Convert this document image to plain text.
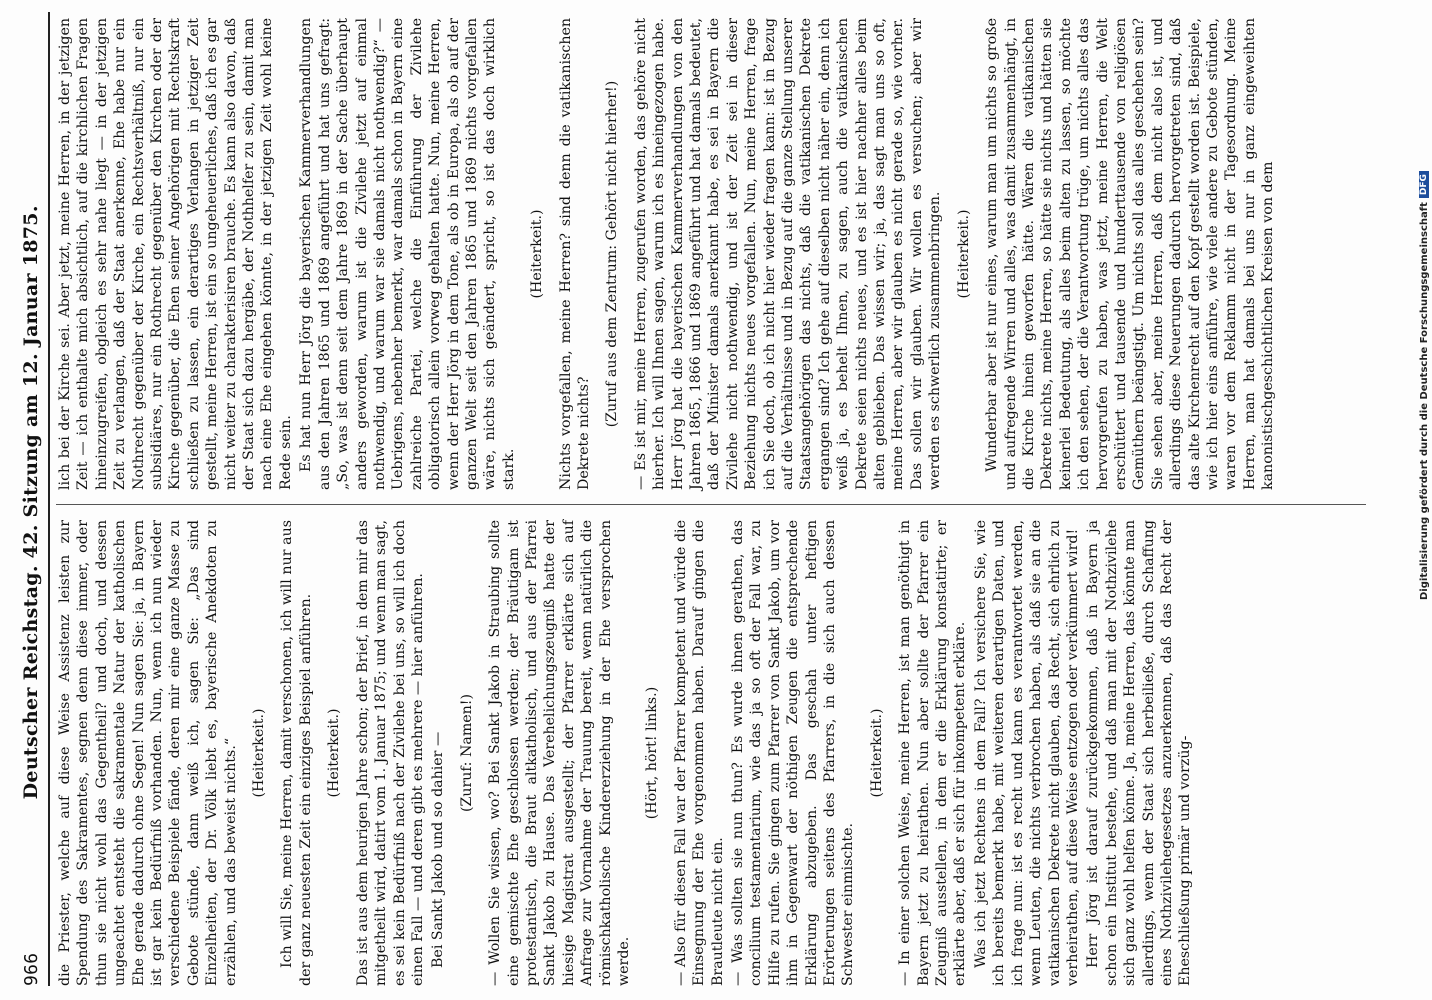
966
Deutscher Reichstag. 42. Sitzung am 12. Januar 1875. die Priester, welche auf diese Weise Assistenz leisten zur Spendung des Sakramentes, segnen denn diese immer, oder thun sie nicht wohl das Gegentheil? und doch, und dessen ungeachtet entsteht die sakramentale Natur der katholischen Ehe gerade dadurch ohne Segen! Nun sagen Sie: ja, in Bayern ist gar kein Bedürfniß vorhanden. Nun, wenn ich nun wieder verschiedene Beispiele fände, deren mir eine ganze Masse zu Gebote stünde, dann weiß ich, sagen Sie: „Das sind Einzelheiten, der Dr. Völk liebt es, bayerische Anekdoten zu erzählen, und das beweist nichts.“ (Heiterkeit.) Ich will Sie, meine Herren, damit verschonen, ich will nur aus der ganz neuesten Zeit ein einziges Beispiel anführen. (Heiterkeit.) Das ist aus dem heurigen Jahre schon; der Brief, in dem mir das mitgetheilt wird, datirt vom 1. Januar 1875; und wenn man sagt, es sei kein Bedürfniß nach der Zivilehe bei uns, so will ich doch einen Fall — und deren gibt es mehrere — hier anführen. Bei Sankt Jakob und so dahier — (Zuruf: Namen!) — Wollen Sie wissen, wo? Bei Sankt Jakob in Straubing sollte eine gemischte Ehe geschlossen werden; der Bräutigam ist protestantisch, die Braut altkatholisch, und aus der Pfarrei Sankt Jakob zu Hause. Das Verehelichungszeugniß hatte der hiesige Magistrat ausgestellt; der Pfarrer erklärte sich auf Anfrage zur Vornahme der Trauung bereit, wenn natürlich die römischkatholische Kindererziehung in der Ehe versprochen werde.

(Hört, hört! links.) — Also für diesen Fall war der Pfarrer kompetent und würde die Einsegnung der Ehe vorgenommen haben. Darauf gingen die Brautleute nicht ein. — Was sollten sie nun thun? Es wurde ihnen gerathen, das concilium testamentarium, wie das ja so oft der Fall war, zu Hilfe zu rufen. Sie gingen zum Pfarrer von Sankt Jakob, um vor ihm in Gegenwart der nöthigen Zeugen die entsprechende Erklärung abzugeben. Das geschah unter heftigen Erörterungen seitens des Pfarrers, in die sich auch dessen Schwester einmischte.

(Heiterkeit.) — In einer solchen Weise, meine Herren, ist man genöthigt in Bayern jetzt zu heirathen. Nun aber sollte der Pfarrer ein Zeugniß ausstellen, in dem er die Erklärung konstatirte; er erklärte aber, daß er sich für inkompetent erkläre. Was ich jetzt Rechtens in dem Fall? Ich versichere Sie, wie ich bereits bemerkt habe, mit weiteren derartigen Daten, und ich frage nun: ist es recht und kann es verantwortet werden, wenn Leuten, die nichts verbrochen haben, als daß sie an die vatikanischen Dekrete nicht glauben, das Recht, sich ehrlich zu verheirathen, auf diese Weise entzogen oder verkümmert wird! Herr Jörg ist darauf zurückgekommen, daß in Bayern ja schon ein Institut bestehe, und daß man mit der Nothzivilehe sich ganz wohl helfen könne. Ja, meine Herren, das könnte man allerdings, wenn der Staat sich herbeiließe, durch Schaffung eines Nothzivilehegesetzes anzuerkennen, daß das Recht der Eheschließung primär und vorzüg-

lich bei der Kirche sei. Aber jetzt, meine Herren, in der jetzigen Zeit — ich enthalte mich absichtlich, auf die kirchlichen Fragen hineinzugreifen, obgleich es sehr nahe liegt — in der jetzigen Zeit zu verlangen, daß der Staat anerkenne, Ehe habe nur ein Nothrecht gegenüber der Kirche, ein Rechtsverhältniß, nur ein subsidiäres, nur ein Rothrecht gegenüber den Kirchen oder der Kirche gegenüber, die Ehen seiner Angehörigen mit Rechtskraft schließen zu lassen, ein derartiges Verlangen in jetziger Zeit gestellt, meine Herren, ist ein so ungeheuerliches, daß ich es gar nicht weiter zu charakterisiren brauche. Es kann also davon, daß der Staat sich dazu hergäbe, der Nothhelfer zu sein, damit man nach eine Ehe eingehen könnte, in der jetzigen Zeit wohl keine Rede sein. Es hat nun Herr Jörg die bayerischen Kammerverhandlungen aus den Jahren 1865 und 1869 angeführt und hat uns gefragt: „So, was ist denn seit dem Jahre 1869 in der Sache überhaupt anders geworden, warum ist die Zivilehe jetzt auf einmal nothwendig, und warum war sie damals nicht nothwendig?“ — Uebrigens, nebenher bemerkt, war damals schon in Bayern eine zahlreiche Partei, welche die Einführung der Zivilehe obligatorisch allein vorweg gehalten hatte. Nun, meine Herren, wenn der Herr Jörg in dem Tone, als ob in Europa, als ob auf der ganzen Welt seit den Jahren 1865 und 1869 nichts vorgefallen wäre, nichts sich geändert, spricht, so ist das doch wirklich stark.

(Heiterkeit.) Nichts vorgefallen, meine Herren? sind denn die vatikanischen Dekrete nichts?

(Zuruf aus dem Zentrum: Gehört nicht hierher!) — Es ist mir, meine Herren, zugerufen worden, das gehöre nicht hierher. Ich will Ihnen sagen, warum ich es hineingezogen habe. Herr Jörg hat die bayerischen Kammerverhandlungen von den Jahren 1865, 1866 und 1869 angeführt und hat damals bedeutet, daß der Minister damals anerkannt habe, es sei in Bayern die Zivilehe nicht nothwendig, und ist der Zeit sei in dieser Beziehung nichts neues vorgefallen. Nun, meine Herren, frage ich Sie doch, ob ich nicht hier wieder fragen kann: ist in Bezug auf die Verhältnisse und in Bezug auf die ganze Stellung unserer Staatsangehörigen das nichts, daß die vatikanischen Dekrete ergangen sind? Ich gehe auf dieselben nicht näher ein, denn ich weiß ja, es behelt Ihnen, zu sagen, auch die vatikanischen Dekrete seien nichts neues, und es ist hier nachher alles beim alten geblieben. Das wissen wir; ja, das sagt man uns so oft, meine Herren, aber wir glauben es nicht gerade so, wie vorher. Das sollen wir glauben. Wir wollen es versuchen; aber wir werden es schwerlich zusammenbringen. (Heiterkeit.) Wunderbar aber ist nur eines, warum man um nichts so große und aufregende Wirren und alles, was damit zusammenhängt, in die Kirche hinein geworfen hätte. Wären die vatikanischen Dekrete nichts, meine Herren, so hätte sie nichts und hätten sie keinerlei Bedeutung, als alles beim alten zu lassen, so möchte ich den sehen, der die Verantwortung trüge, um nichts alles das hervorgerufen zu haben, was jetzt, meine Herren, die Welt erschüttert und tausende und hunderttausende von religiösen Gemüthern beängstigt. Um nichts soll das alles geschehen sein? Sie sehen aber, meine Herren, daß dem nicht also ist, und allerdings diese Neuerungen dadurch hervorgetreten sind, daß das alte Kirchenrecht auf den Kopf gestellt worden ist. Beispiele, wie ich hier eins anführe, wie viele andere zu Gebote stünden, waren vor dem Reklamm nicht in der Tagesordnung. Meine Herren, man hat damals bei uns nur in ganz eingeweihten kanonistischgeschichtlichen Kreisen von dem	Digitalisierung gefördert durch die Deutsche Forschungsgemeinschaft
DFG
